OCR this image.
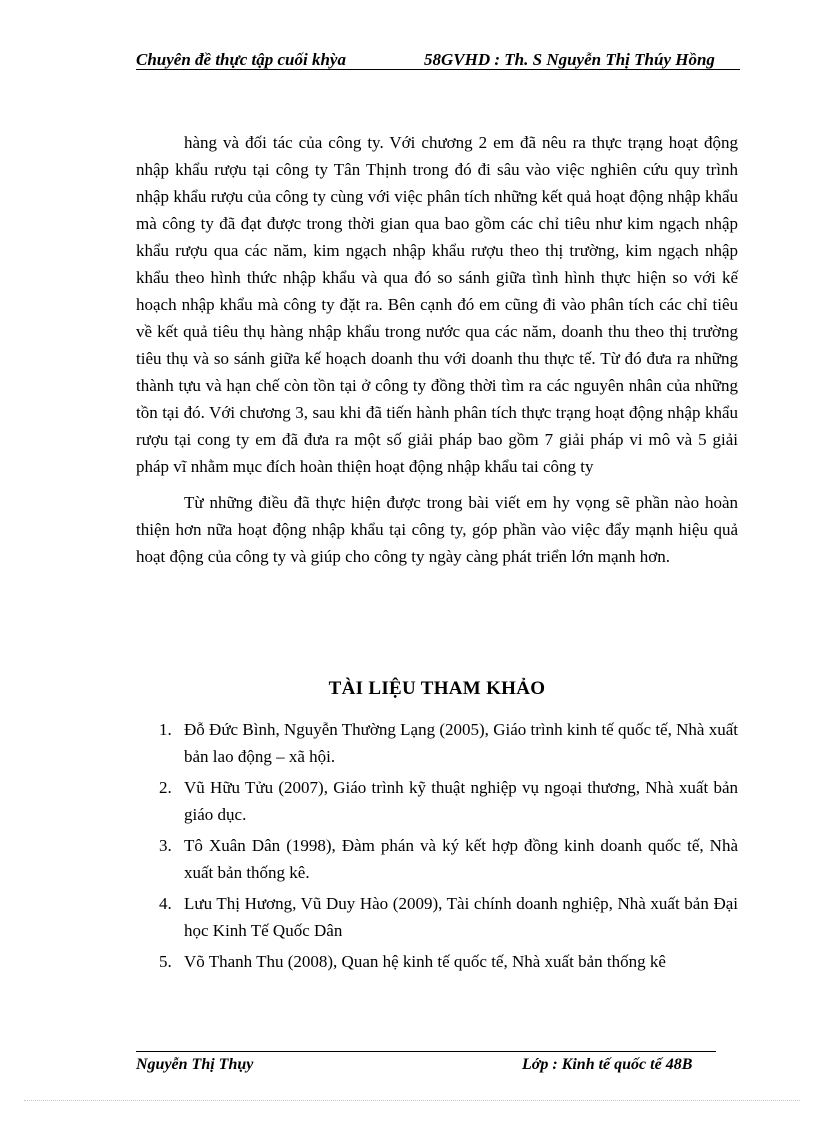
Chuyên đề thực tập cuối khỳa	58GVHD : Th. S Nguyễn Thị Thúy Hồng

hàng và đối tác của công ty. Với chương 2 em đã nêu ra thực trạng hoạt động nhập khẩu rượu tại công ty Tân Thịnh trong đó đi sâu vào việc nghiên cứu quy trình nhập khẩu rượu của công ty cùng với việc phân tích những kết quả hoạt động nhập khẩu mà công ty đã đạt được trong thời gian qua bao gồm các chỉ tiêu như kim ngạch nhập khẩu rượu qua các năm, kim ngạch nhập khẩu rượu theo thị trường, kim ngạch nhập khẩu theo hình thức nhập khẩu và qua đó so sánh giữa tình hình thực hiện so với kế hoạch nhập khẩu mà công ty đặt ra. Bên cạnh đó em cũng đi vào phân tích các chỉ tiêu về kết quả tiêu thụ hàng nhập khẩu trong nước qua các năm, doanh thu theo thị trường tiêu thụ và so sánh giữa kế hoạch doanh thu với doanh thu thực tế. Từ đó đưa ra những thành tựu và hạn chế còn tồn tại ở công ty đồng thời tìm ra các nguyên nhân của những tồn tại đó. Với chương 3, sau khi đã tiến hành phân tích thực trạng hoạt động nhập khẩu rượu tại cong ty em đã đưa ra một số giải pháp bao gồm 7 giải pháp vi mô và 5 giải pháp vĩ nhằm mục đích hoàn thiện hoạt động nhập khẩu tai công ty

Từ những điều đã thực hiện được trong bài viết em hy vọng sẽ phần nào hoàn thiện hơn nữa hoạt động nhập khẩu tại công ty, góp phần vào việc đẩy mạnh hiệu quả hoạt động của công ty và giúp cho công ty ngày càng phát triển lớn mạnh hơn.

TÀI LIỆU THAM KHẢO
1. Đỗ Đức Bình, Nguyễn Thường Lạng (2005), Giáo trình kinh tế quốc tế, Nhà xuất bản lao động – xã hội.
2. Vũ Hữu Tửu (2007), Giáo trình kỹ thuật nghiệp vụ ngoại thương, Nhà xuất bản giáo dục.
3. Tô Xuân Dân (1998), Đàm phán và ký kết hợp đồng kinh doanh quốc tế, Nhà xuất bản thống kê.
4. Lưu Thị Hương, Vũ Duy Hào (2009), Tài chính doanh nghiệp, Nhà xuất bản Đại học Kinh Tế Quốc Dân
5. Võ Thanh Thu (2008), Quan hệ kinh tế quốc tế, Nhà xuất bản thống kê
Nguyễn Thị Thụy	Lớp : Kinh tế quốc tế 48B
